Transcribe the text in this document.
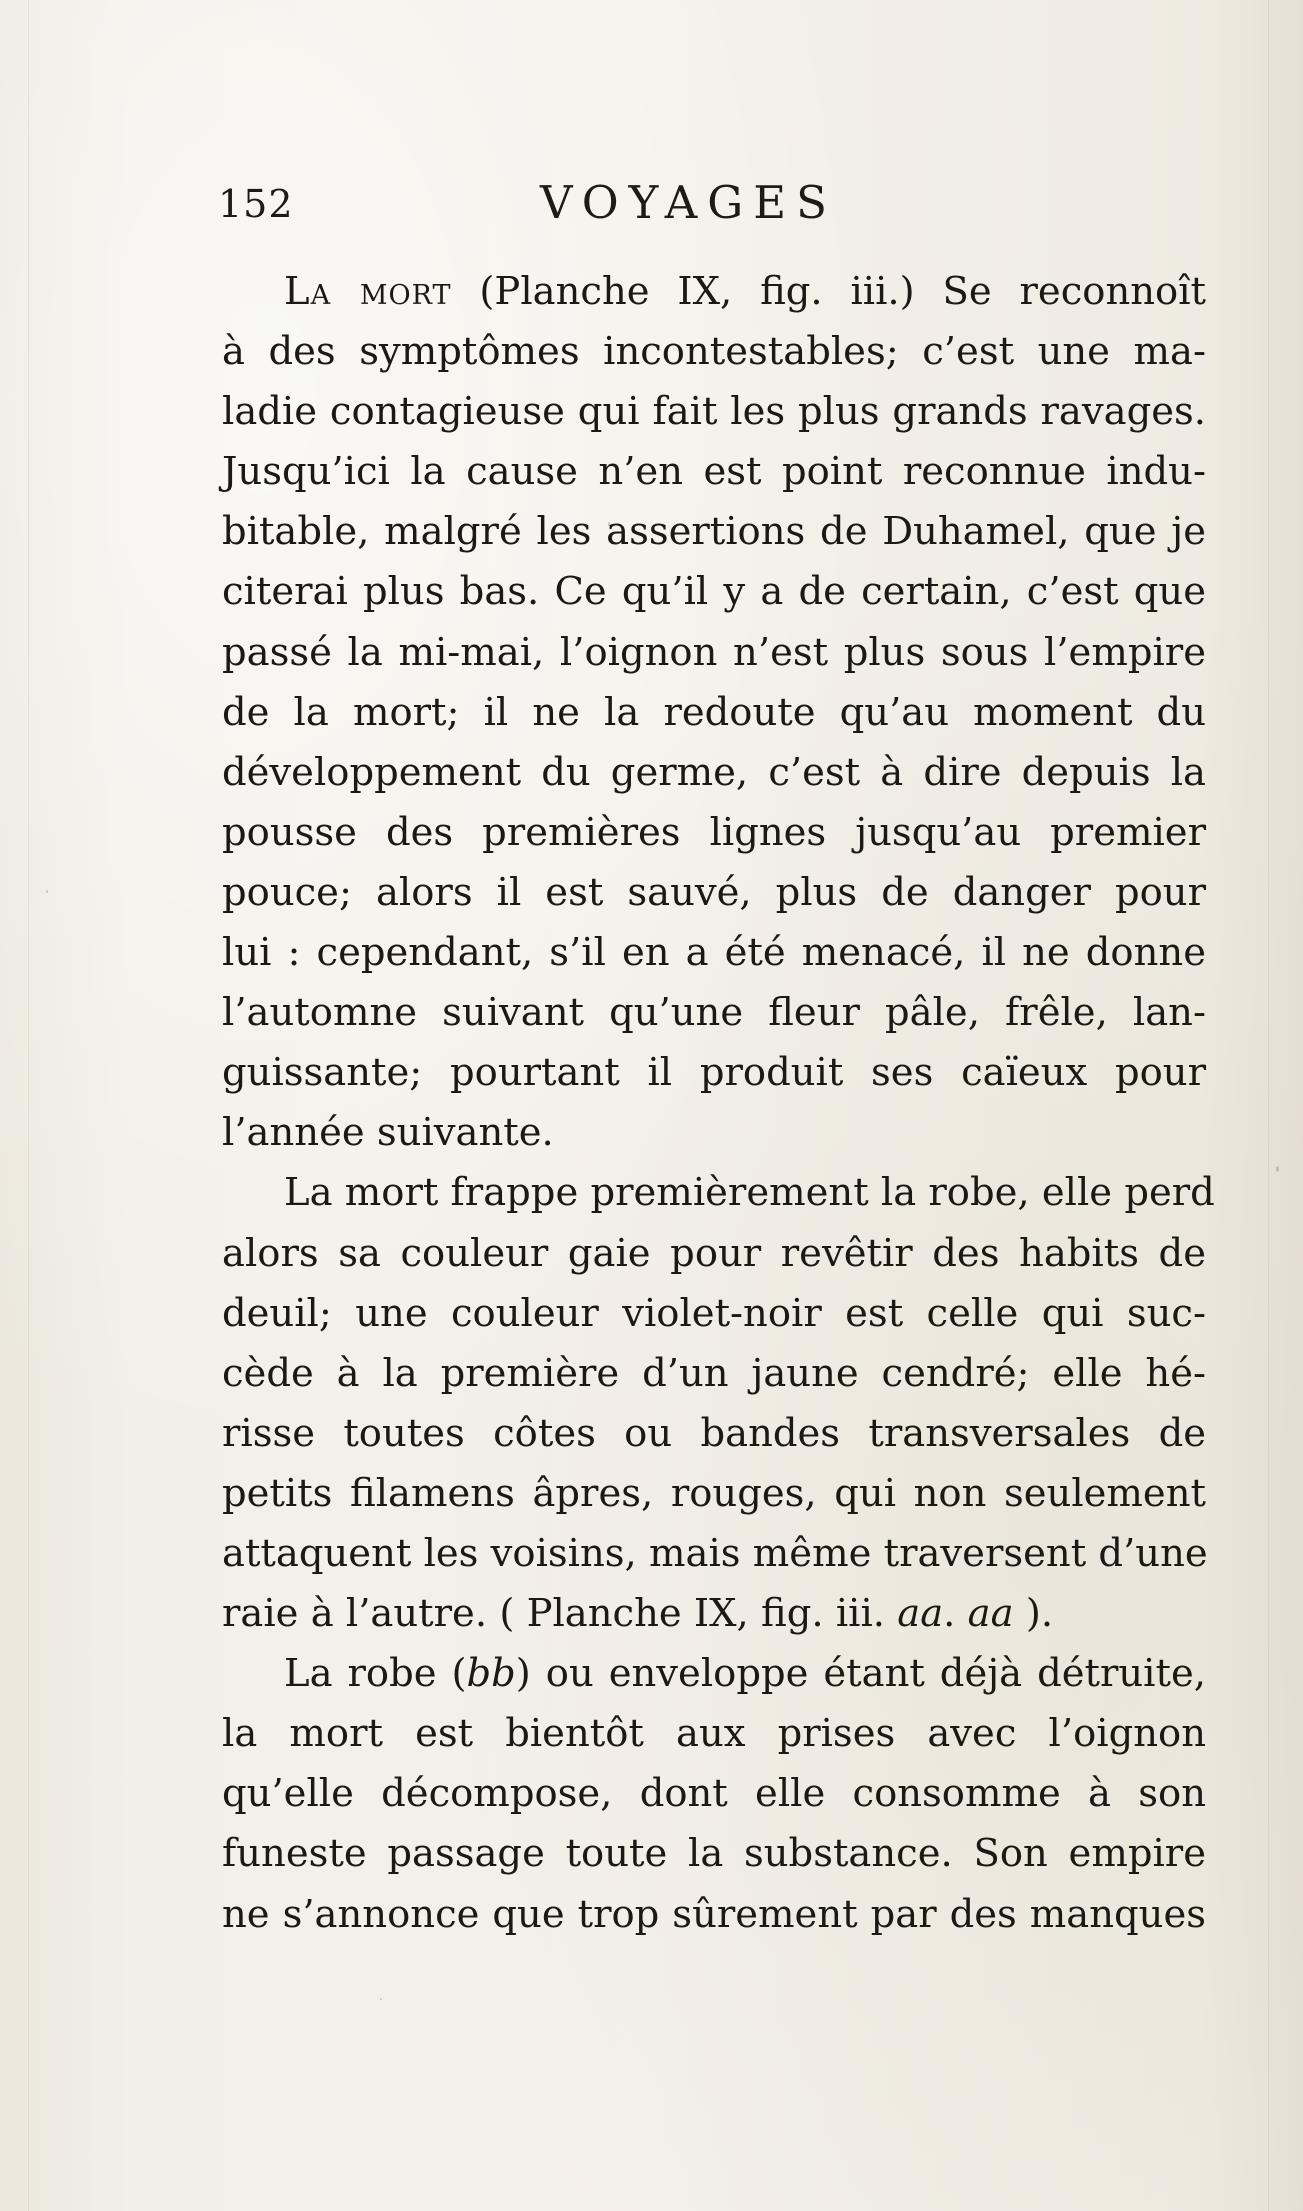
152	VOYAGES
La mort (Planche IX, fig. iii.) Se reconnoît
à des symptômes incontestables; c’est une ma-
ladie contagieuse qui fait les plus grands ravages.
Jusqu’ici la cause n’en est point reconnue indu-
bitable, malgré les assertions de Duhamel, que je
citerai plus bas. Ce qu’il y a de certain, c’est que
passé la mi-mai, l’oignon n’est plus sous l’empire
de la mort; il ne la redoute qu’au moment du
développement du germe, c’est à dire depuis la
pousse des premières lignes jusqu’au premier
pouce; alors il est sauvé, plus de danger pour
lui : cependant, s’il en a été menacé, il ne donne
l’automne suivant qu’une fleur pâle, frêle, lan-
guissante; pourtant il produit ses caïeux pour
l’année suivante.
La mort frappe premièrement la robe, elle perd
alors sa couleur gaie pour revêtir des habits de
deuil; une couleur violet-noir est celle qui suc-
cède à la première d’un jaune cendré; elle hé-
risse toutes côtes ou bandes transversales de
petits filamens âpres, rouges, qui non seulement
attaquent les voisins, mais même traversent d’une
raie à l’autre. ( Planche IX, fig. iii. aa. aa ).
La robe (bb) ou enveloppe étant déjà détruite,
la mort est bientôt aux prises avec l’oignon
qu’elle décompose, dont elle consomme à son
funeste passage toute la substance. Son empire
ne s’annonce que trop sûrement par des manques
